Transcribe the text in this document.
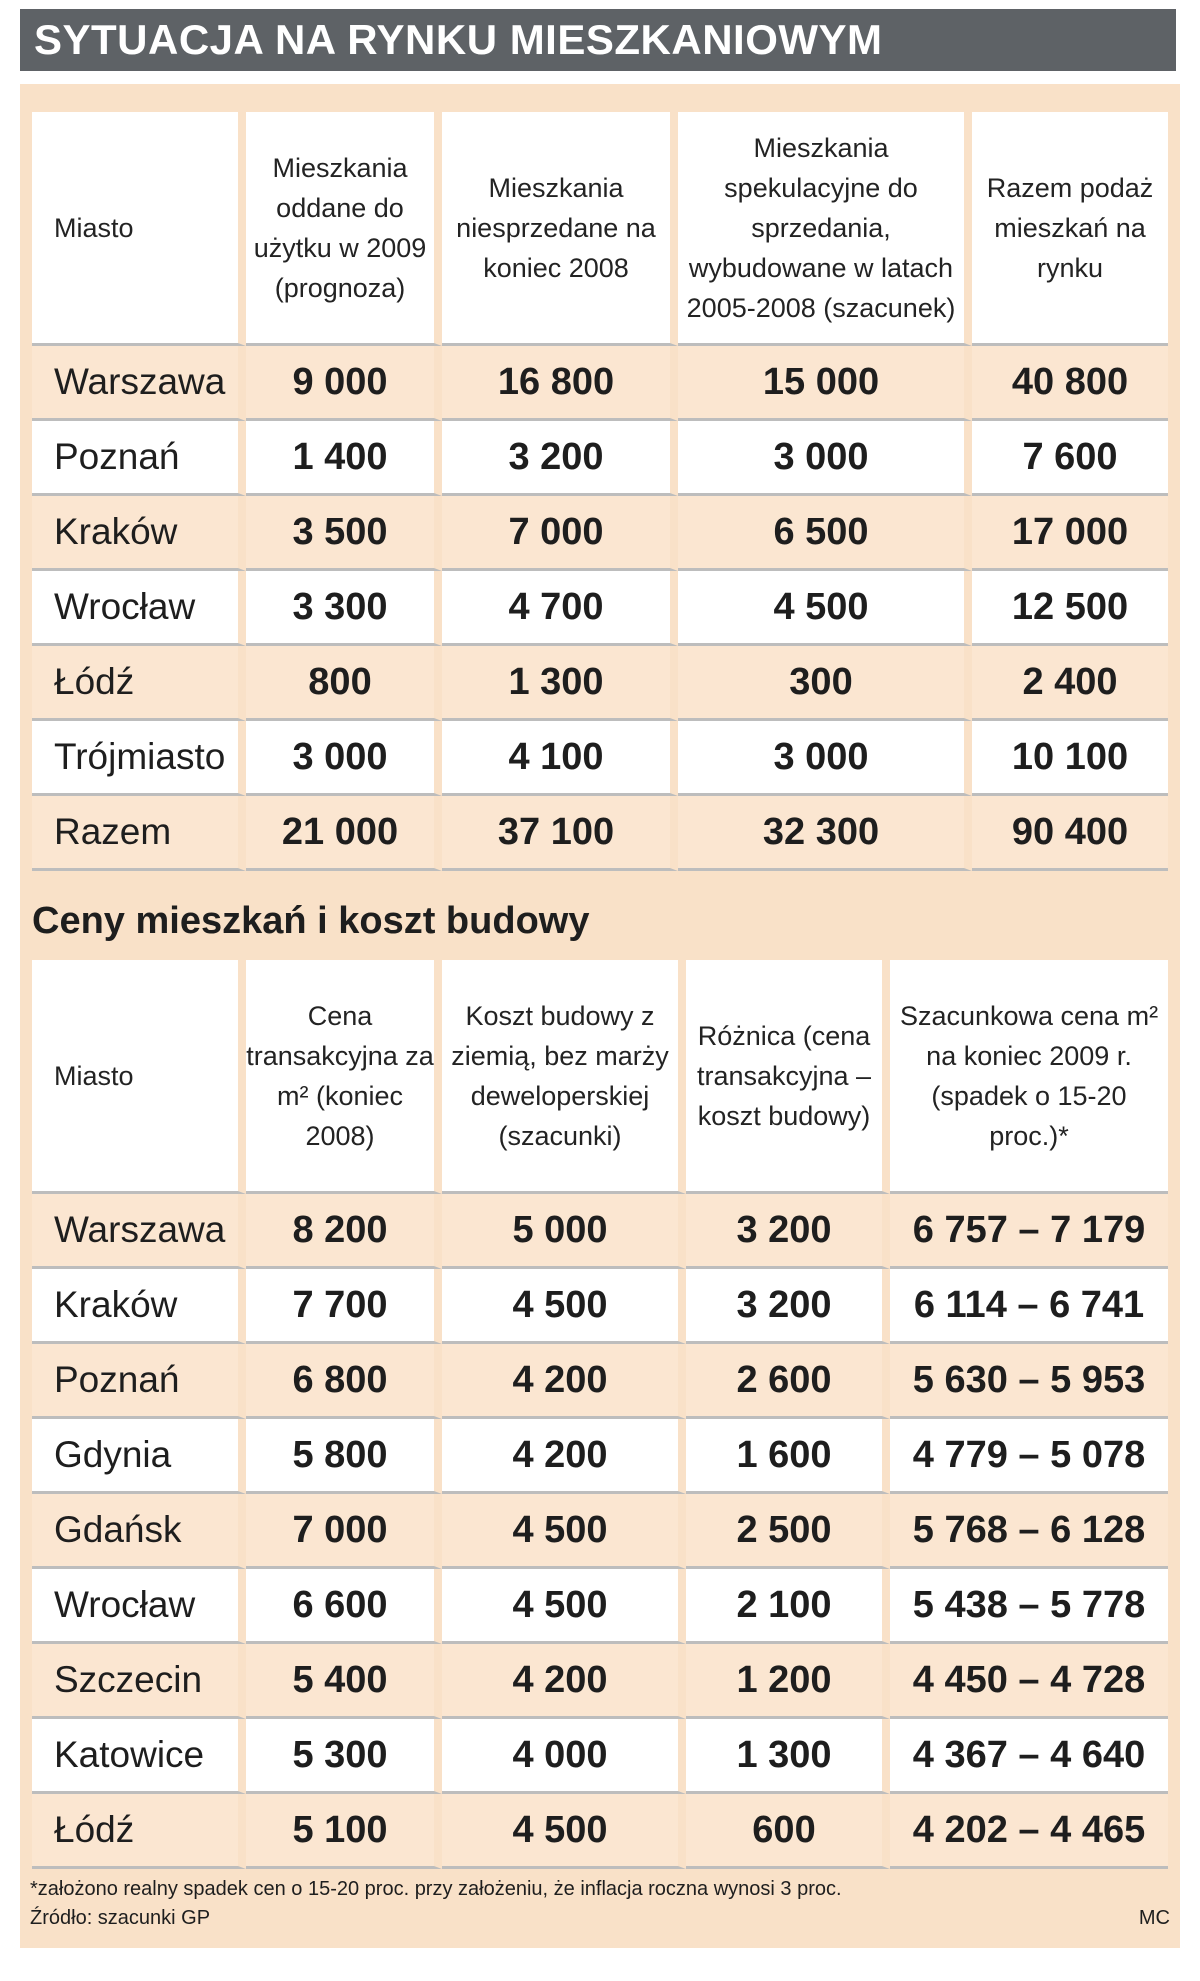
SYTUACJA NA RYNKU MIESZKANIOWYM
Miasto	Mieszkania oddane do użytku w 2009 (prognoza)	Mieszkania niesprzedane na koniec 2008	Mieszkania spekulacyjne do sprzedania, wybudowane w latach 2005-2008 (szacunek)	Razem podaż mieszkań na rynku
Warszawa	9 000	16 800	15 000	40 800
Poznań	1 400	3 200	3 000	7 600
Kraków	3 500	7 000	6 500	17 000
Wrocław	3 300	4 700	4 500	12 500
Łódź	800	1 300	300	2 400
Trójmiasto	3 000	4 100	3 000	10 100
Razem	21 000	37 100	32 300	90 400
Ceny mieszkań i koszt budowy
Miasto	Cena transakcyjna za m² (koniec 2008)	Koszt budowy z ziemią, bez marży deweloperskiej (szacunki)	Różnica (cena transakcyjna – koszt budowy)	Szacunkowa cena m² na koniec 2009 r. (spadek o 15-20 proc.)*
Warszawa	8 200	5 000	3 200	6 757 – 7 179
Kraków	7 700	4 500	3 200	6 114 – 6 741
Poznań	6 800	4 200	2 600	5 630 – 5 953
Gdynia	5 800	4 200	1 600	4 779 – 5 078
Gdańsk	7 000	4 500	2 500	5 768 – 6 128
Wrocław	6 600	4 500	2 100	5 438 – 5 778
Szczecin	5 400	4 200	1 200	4 450 – 4 728
Katowice	5 300	4 000	1 300	4 367 – 4 640
Łódź	5 100	4 500	600	4 202 – 4 465
*założono realny spadek cen o 15-20 proc. przy założeniu, że inflacja roczna wynosi 3 proc.
Źródło: szacunki GP	MC
